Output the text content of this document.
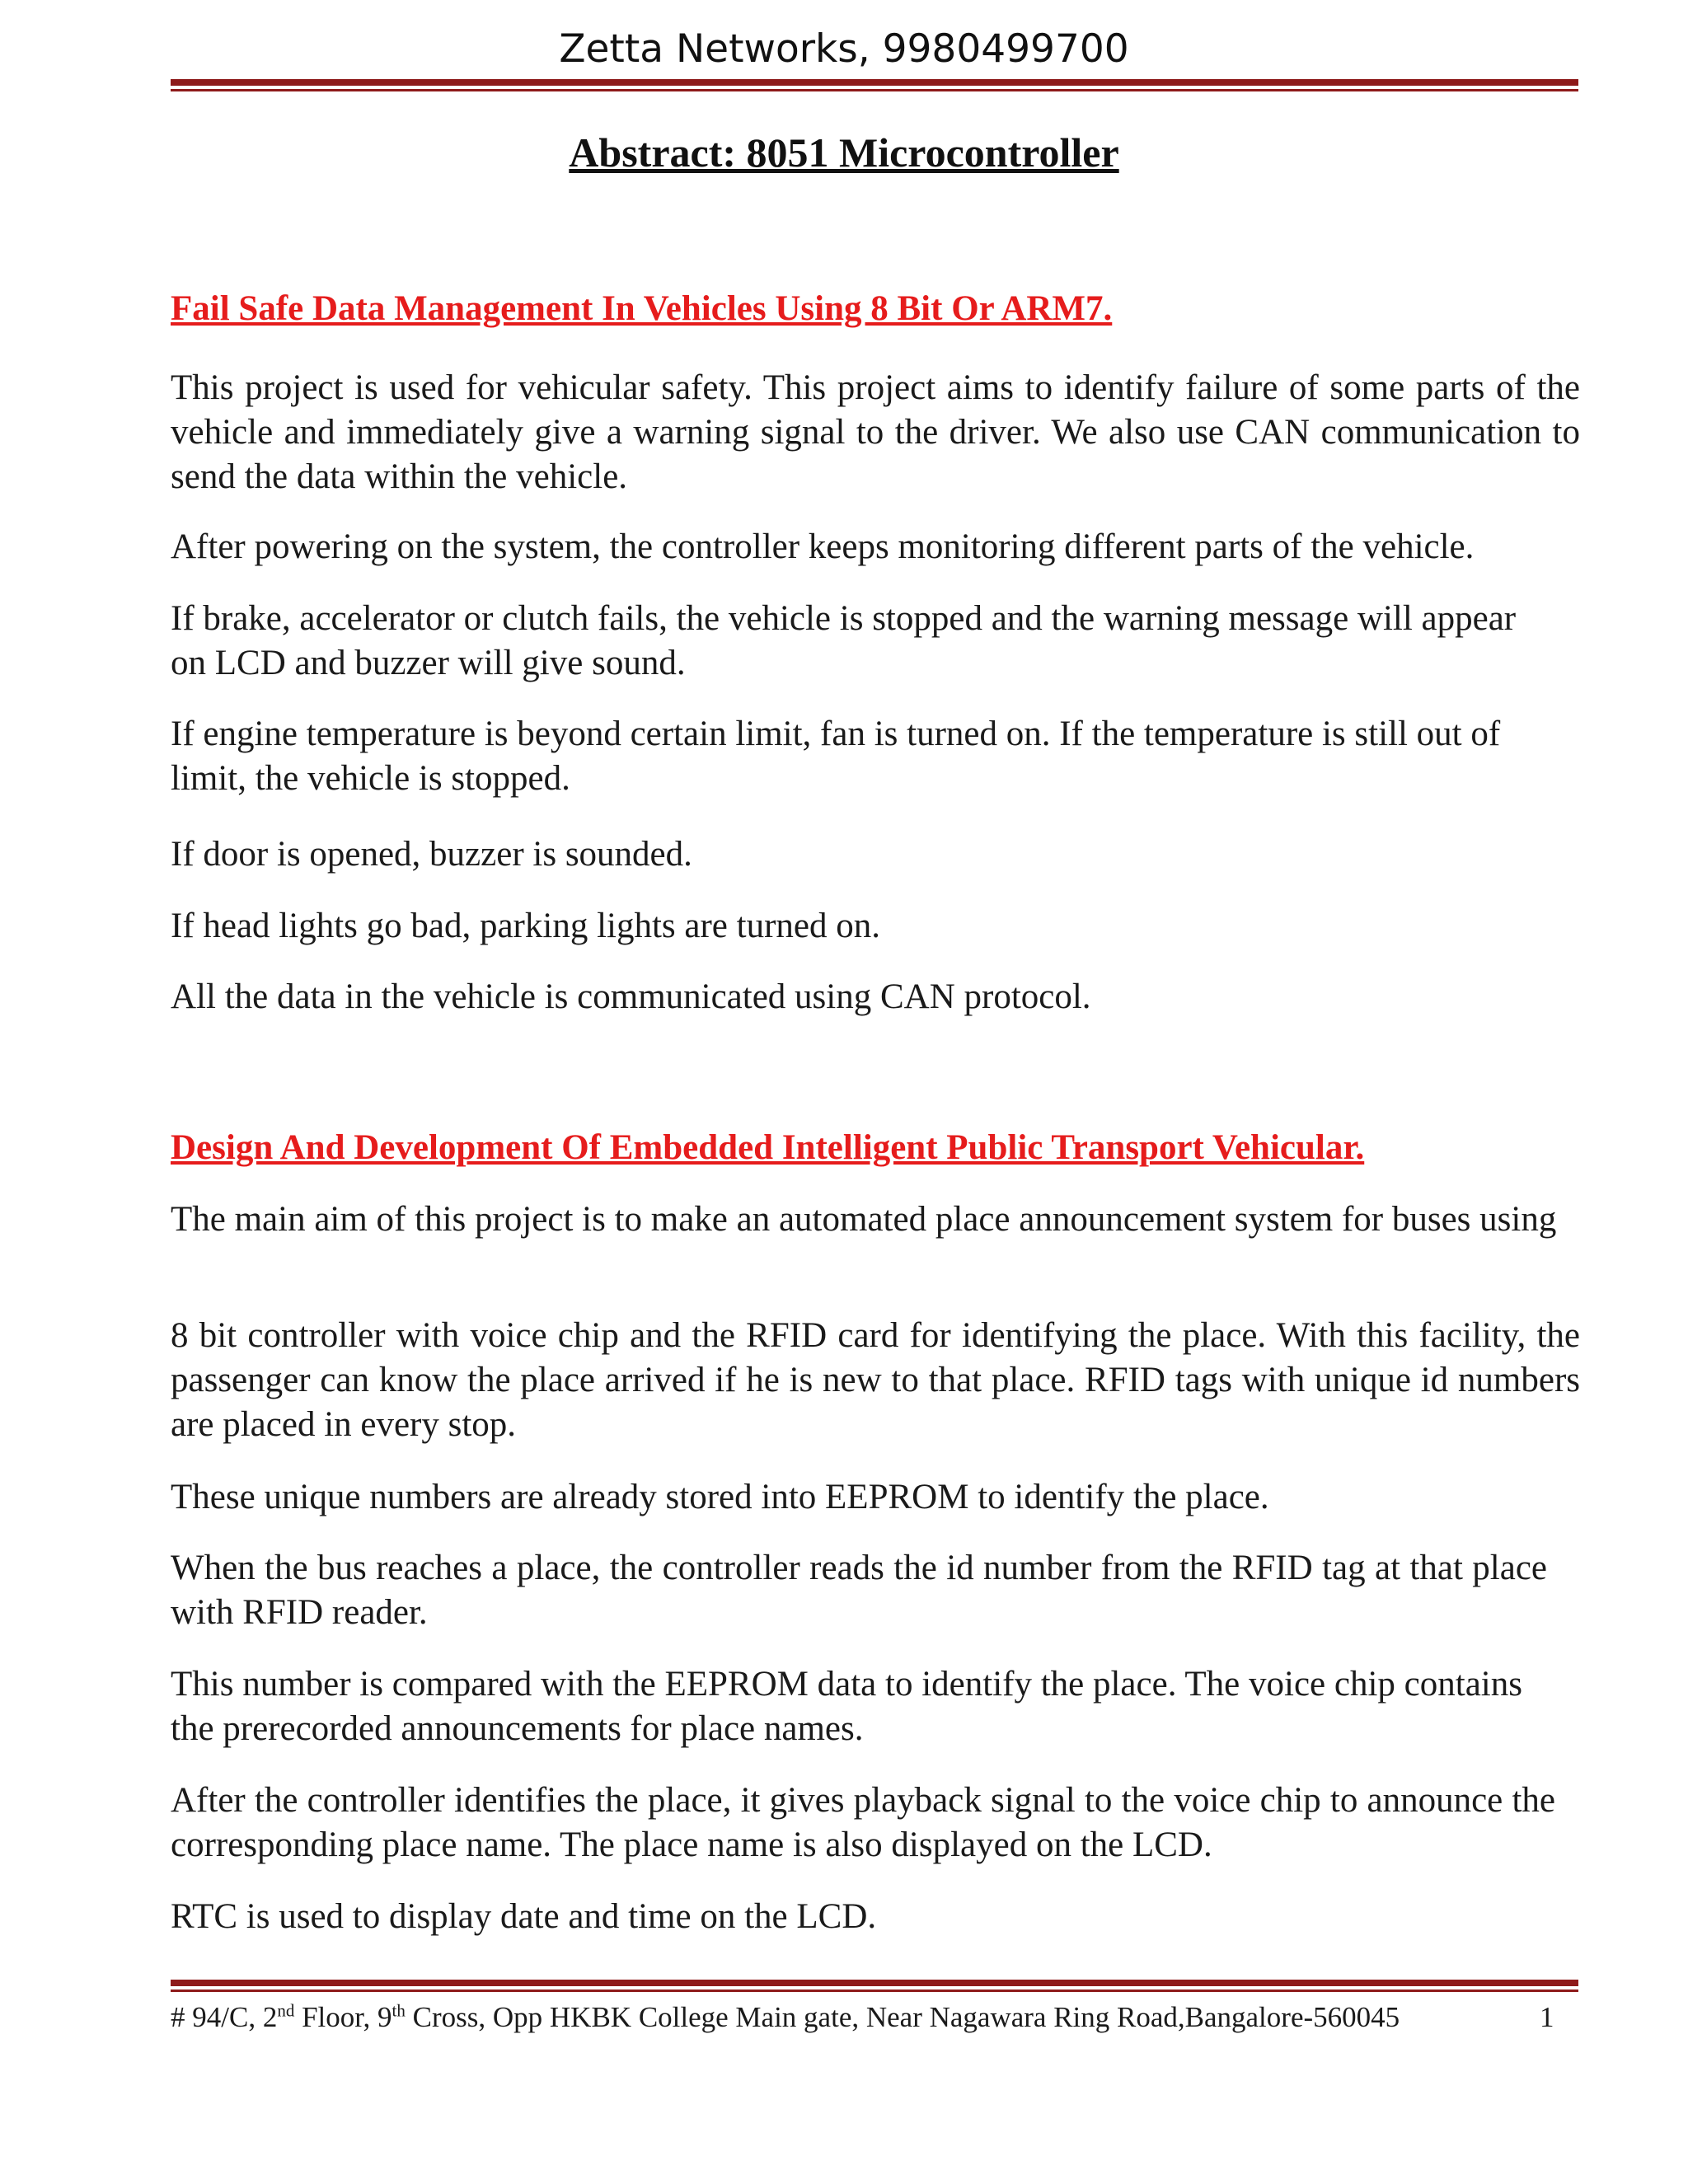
Zetta Networks, 9980499700
Abstract: 8051 Microcontroller
Fail Safe Data Management In Vehicles Using 8 Bit Or ARM7.
This project is used for vehicular safety. This project aims to identify failure of some parts of the vehicle and immediately give a warning signal to the driver. We also use CAN communication to send the data within the vehicle.
After powering on the system, the controller keeps monitoring different parts of the vehicle.
If brake, accelerator or clutch fails, the vehicle is stopped and the warning message will appear on LCD and buzzer will give sound.
If engine temperature is beyond certain limit, fan is turned on. If the temperature is still out of limit, the vehicle is stopped.
If door is opened, buzzer is sounded.
If head lights go bad, parking lights are turned on.
All the data in the vehicle is communicated using CAN protocol.
Design And Development Of Embedded Intelligent Public Transport Vehicular.
The main aim of this project is to make an automated place announcement system for buses using
8 bit controller with voice chip and the RFID card for identifying the place. With this facility, the passenger can know the place arrived if he is new to that place. RFID tags with unique id numbers are placed in every stop.
These unique numbers are already stored into EEPROM to identify the place.
When the bus reaches a place, the controller reads the id number from the RFID tag at that place with RFID reader.
This number is compared with the EEPROM data to identify the place. The voice chip contains the prerecorded announcements for place names.
After the controller identifies the place, it gives playback signal to the voice chip to announce the corresponding place name. The place name is also displayed on the LCD.
RTC is used to display date and time on the LCD.
# 94/C, 2nd Floor, 9th Cross, Opp HKBK College Main gate, Near Nagawara Ring Road,Bangalore-560045	1
